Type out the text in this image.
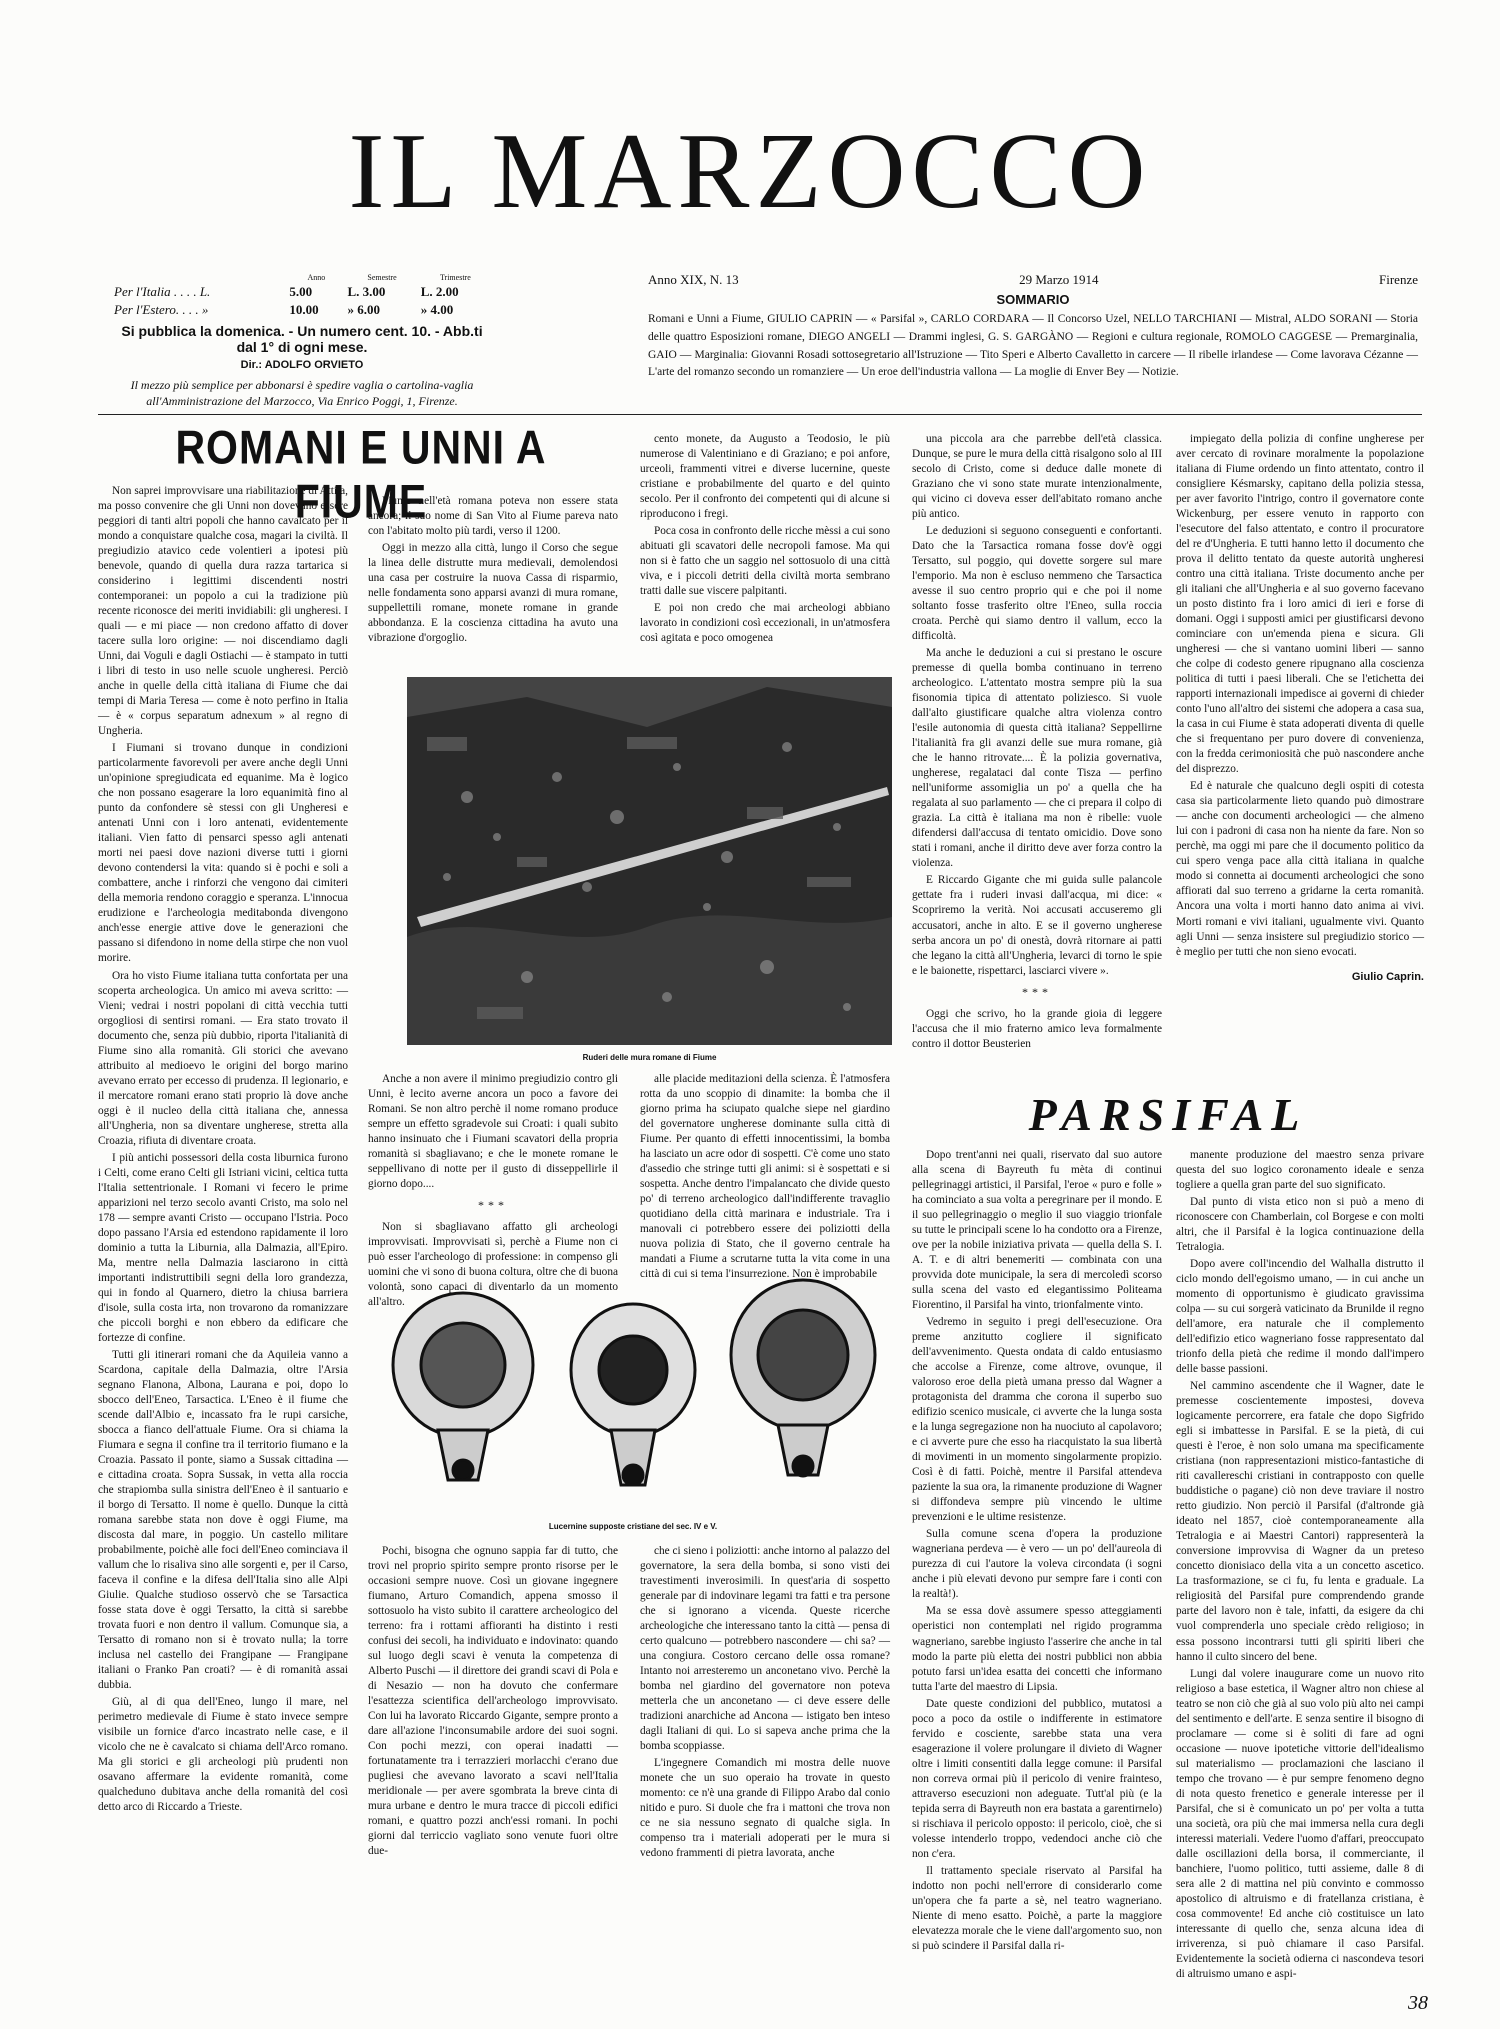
IL MARZOCCO
	Anno	Semestre	Trimestre
Per l'Italia . . . . L.	5.00	L. 3.00	L. 2.00
Per l'Estero. . . . »	10.00	» 6.00	» 4.00
Si pubblica la domenica. - Un numero cent. 10. - Abb.ti dal 1° di ogni mese.
Dir.: ADOLFO ORVIETO
Il mezzo più semplice per abbonarsi è spedire vaglia o cartolina-vaglia all'Amministrazione del Marzocco, Via Enrico Poggi, 1, Firenze.
Anno XIX, N. 13	29 Marzo 1914	Firenze
SOMMARIO
Romani e Unni a Fiume, GIULIO CAPRIN — « Parsifal », CARLO CORDARA — Il Concorso Uzel, NELLO TARCHIANI — Mistral, ALDO SORANI — Storia delle quattro Esposizioni romane, DIEGO ANGELI — Drammi inglesi, G. S. GARGÀNO — Regioni e cultura regionale, ROMOLO CAGGESE — Premarginalia, GAIO — Marginalia: Giovanni Rosadi sottosegretario all'Istruzione — Tito Speri e Alberto Cavalletto in carcere — Il ribelle irlandese — Come lavorava Cézanne — L'arte del romanzo secondo un romanziere — Un eroe dell'industria vallona — La moglie di Enver Bey — Notizie.
ROMANI E UNNI A FIUME

Non saprei improvvisare una riabilitazione di Attila, ma posso convenire che gli Unni non dovevano essere peggiori di tanti altri popoli che hanno cavalcato per il mondo a conquistare qualche cosa, magari la civiltà. Il pregiudizio atavico cede volentieri a ipotesi più benevole, quando di quella dura razza tartarica si considerino i legittimi discendenti nostri contemporanei: un popolo a cui la tradizione più recente riconosce dei meriti invidiabili: gli ungheresi. I quali — e mi piace — non credono affatto di dover tacere sulla loro origine: — noi discendiamo dagli Unni, dai Voguli e dagli Ostiachi — è stampato in tutti i libri di testo in uso nelle scuole ungheresi. Perciò anche in quelle della città italiana di Fiume che dai tempi di Maria Teresa — come è noto perfino in Italia — è « corpus separatum adnexum » al regno di Ungheria.

I Fiumani si trovano dunque in condizioni particolarmente favorevoli per avere anche degli Unni un'opinione spregiudicata ed equanime. Ma è logico che non possano esagerare la loro equanimità fino al punto da confondere sè stessi con gli Ungheresi e antenati Unni con i loro antenati, evidentemente italiani. Vien fatto di pensarci spesso agli antenati morti nei paesi dove nazioni diverse tutti i giorni devono contendersi la vita: quando si è pochi e soli a combattere, anche i rinforzi che vengono dai cimiteri della memoria rendono coraggio e speranza. L'innocua erudizione e l'archeologia meditabonda divengono anch'esse energie attive dove le generazioni che passano si difendono in nome della stirpe che non vuol morire.

Ora ho visto Fiume italiana tutta confortata per una scoperta archeologica. Un amico mi aveva scritto: — Vieni; vedrai i nostri popolani di città vecchia tutti orgogliosi di sentirsi romani. — Era stato trovato il documento che, senza più dubbio, riporta l'italianità di Fiume sino alla romanità. Gli storici che avevano attribuito al medioevo le origini del borgo marino avevano errato per eccesso di prudenza. Il legionario, e il mercatore romani erano stati proprio là dove anche oggi è il nucleo della città italiana che, annessa all'Ungheria, non sa diventare ungherese, stretta alla Croazia, rifiuta di diventare croata.

I più antichi possessori della costa liburnica furono i Celti, come erano Celti gli Istriani vicini, celtica tutta l'Italia settentrionale. I Romani vi fecero le prime apparizioni nel terzo secolo avanti Cristo, ma solo nel 178 — sempre avanti Cristo — occupano l'Istria. Poco dopo passano l'Arsia ed estendono rapidamente il loro dominio a tutta la Liburnia, alla Dalmazia, all'Epiro. Ma, mentre nella Dalmazia lasciarono in città importanti indistruttibili segni della loro grandezza, qui in fondo al Quarnero, dietro la chiusa barriera d'isole, sulla costa irta, non trovarono da romanizzare che piccoli borghi e non ebbero da edificare che fortezze di confine.

Tutti gli itinerari romani che da Aquileia vanno a Scardona, capitale della Dalmazia, oltre l'Arsia segnano Flanona, Albona, Laurana e poi, dopo lo sbocco dell'Eneo, Tarsactica. L'Eneo è il fiume che scende dall'Albio e, incassato fra le rupi carsiche, sbocca a fianco dell'attuale Fiume. Ora si chiama la Fiumara e segna il confine tra il territorio fiumano e la Croazia. Passato il ponte, siamo a Sussak cittadina — e cittadina croata. Sopra Sussak, in vetta alla roccia che strapiomba sulla sinistra dell'Eneo è il santuario e il borgo di Tersatto. Il nome è quello. Dunque la città romana sarebbe stata non dove è oggi Fiume, ma discosta dal mare, in poggio. Un castello militare probabilmente, poichè alle foci dell'Eneo cominciava il vallum che lo risaliva sino alle sorgenti e, per il Carso, faceva il confine e la difesa dell'Italia sino alle Alpi Giulie. Qualche studioso osservò che se Tarsactica fosse stata dove è oggi Tersatto, la città si sarebbe trovata fuori e non dentro il vallum. Comunque sia, a Tersatto di romano non si è trovato nulla; la torre inclusa nel castello dei Frangipane — Frangipane italiani o Franko Pan croati? — è di romanità assai dubbia.

Giù, al di qua dell'Eneo, lungo il mare, nel perimetro medievale di Fiume è stato invece sempre visibile un fornice d'arco incastrato nelle case, e il vicolo che ne è cavalcato si chiama dell'Arco romano. Ma gli storici e gli archeologi più prudenti non osavano affermare la evidente romanità, come qualcheduno dubitava anche della romanità del così detto arco di Riccardo a Trieste.

Fiume nell'età romana poteva non essere stata ancora; il suo nome di San Vito al Fiume parevа nato con l'abitato molto più tardi, verso il 1200.

Oggi in mezzo alla città, lungo il Corso che segue la linea delle distrutte mura medievali, demolendosi una casa per costruire la nuova Cassa di risparmio, nelle fondamenta sono apparsi avanzi di mura romane, suppellettili romane, monete romane in grande abbondanza. E la coscienza cittadina ha avuto una vibrazione d'orgoglio.

cento monete, da Augusto a Teodosio, le più numerose di Valentiniano e di Graziano; e poi anfore, urceoli, frammenti vitrei e diverse lucernine, queste cristiane e probabilmente del quarto e del quinto secolo. Per il confronto dei competenti qui di alcune si riproducono i fregi.

Poca cosa in confronto delle ricche mèssi a cui sono abituati gli scavatori delle necropoli famose. Ma qui non si è fatto che un saggio nel sottosuolo di una città viva, e i piccoli detriti della civiltà morta sembrano tratti dalle sue viscere palpitanti.

E poi non credo che mai archeologi abbiano lavorato in condizioni così eccezionali, in un'atmosfera così agitata e poco omogenea

Ruderi delle mura romane di Fiume

una piccola ara che parrebbe dell'età classica. Dunque, se pure le mura della città risalgono solo al III secolo di Cristo, come si deduce dalle monete di Graziano che vi sono state murate intenzionalmente, qui vicino ci doveva esser dell'abitato romano anche più antico.

Le deduzioni si seguono conseguenti e confortanti. Dato che la Tarsactica romana fosse dov'è oggi Tersatto, sul poggio, qui dovette sorgere sul mare l'emporio. Ma non è escluso nemmeno che Tarsactica avesse il suo centro proprio qui e che poi il nome soltanto fosse trasferito oltre l'Eneo, sulla roccia croata. Perchè qui siamo dentro il vallum, ecco la difficoltà.

Ma anche le deduzioni a cui si prestano le oscure premesse di quella bomba continuano in terreno archeologico. L'attentato mostra sempre più la sua fisonomia tipica di attentato poliziesco. Si vuole dall'alto giustificare qualche altra violenza contro l'esile autonomia di questa città italiana? Seppellirne l'italianità fra gli avanzi delle sue mura romane, già che le hanno ritrovate.... È la polizia governativa, ungherese, regalataci dal conte Tisza — perfino nell'uniforme assomiglia un po' a quella che ha regalata al suo parlamento — che ci prepara il colpo di grazia. La città è italiana ma non è ribelle: vuole difendersi dall'accusa di tentato omicidio. Dove sono stati i romani, anche il diritto deve aver forza contro la violenza.

E Riccardo Gigante che mi guida sulle palancole gettate fra i ruderi invasi dall'acqua, mi dice: « Scopriremo la verità. Noi accusati accuseremo gli accusatori, anche in alto. E se il governo ungherese serba ancora un po' di onestà, dovrà ritornare ai patti che legano la città all'Ungheria, levarci di torno le spie e le baionette, rispettarci, lasciarci vivere ».

***

Oggi che scrivo, ho la grande gioia di leggere l'accusa che il mio fraterno amico leva formalmente contro il dottor Beusterien

impiegato della polizia di confine ungherese per aver cercato di rovinare moralmente la popolazione italiana di Fiume ordendo un finto attentato, contro il consigliere Késmarsky, capitano della polizia stessa, per aver favorito l'intrigo, contro il governatore conte Wickenburg, per essere venuto in rapporto con l'esecutore del falso attentato, e contro il procuratore del re d'Ungheria. E tutti hanno letto il documento che prova il delitto tentato da queste autorità ungheresi contro una città italiana. Triste documento anche per gli italiani che all'Ungheria e al suo governo facevano un posto distinto fra i loro amici di ieri e forse di domani. Oggi i supposti amici per giustificarsi devono cominciare con un'emenda piena e sicura. Gli ungheresi — che si vantano uomini liberi — sanno che colpe di codesto genere ripugnano alla coscienza politica di tutti i paesi liberali. Che se l'etichetta dei rapporti internazionali impedisce ai governi di chieder conto l'uno all'altro dei sistemi che adopera a casa sua, la casa in cui Fiume è stata adoperati diventa di quelle che si frequentano per puro dovere di convenienza, con la fredda cerimoniosità che può nascondere anche del disprezzo.

Ed è naturale che qualcuno degli ospiti di cotesta casa sia particolarmente lieto quando può dimostrare — anche con documenti archeologici — che almeno lui con i padroni di casa non ha niente da fare. Non so perchè, ma oggi mi pare che il documento politico da cui spero venga pace alla città italiana in qualche modo si connetta ai documenti archeologici che sono affiorati dal suo terreno a gridarne la certa romanità. Ancora una volta i morti hanno dato anima ai vivi. Morti romani e vivi italiani, ugualmente vivi. Quanto agli Unni — senza insistere sul pregiudizio storico — è meglio per tutti che non sieno evocati.

Giulio Caprin.

Anche a non avere il minimo pregiudizio contro gli Unni, è lecito averne ancora un poco a favore dei Romani. Se non altro perchè il nome romano produce sempre un effetto sgradevole sui Croati: i quali subito hanno insinuato che i Fiumani scavatori della propria romanità si sbagliavano; e che le monete romane le seppellivano di notte per il gusto di disseppellirle il giorno dopo....

***

Non si sbagliavano affatto gli archeologi improvvisati. Improvvisati sì, perchè a Fiume non ci può esser l'archeologo di professione: in compenso gli uomini che vi sono di buona coltura, oltre che di buona volontà, sono capaci di diventarlo da un momento all'altro.

alle placide meditazioni della scienza. È l'atmosfera rotta da uno scoppio di dinamite: la bomba che il giorno prima ha sciupato qualche siepe nel giardino del governatore ungherese dominante sulla città di Fiume. Per quanto di effetti innocentissimi, la bomba ha lasciato un acre odor di sospetti. C'è come uno stato d'assedio che stringe tutti gli animi: si è sospettati e si sospetta. Anche dentro l'impalancato che divide questo po' di terreno archeologico dall'indifferente travaglio quotidiano della città marinara e industriale. Tra i manovali ci potrebbero essere dei poliziotti della nuova polizia di Stato, che il governo centrale ha mandati a Fiume a scrutarne tutta la vita come in una città di cui si tema l'insurrezione. Non è improbabile

Lucernine supposte cristiane del sec. IV e V.

Pochi, bisogna che ognuno sappia far di tutto, che trovi nel proprio spirito sempre pronto risorse per le occasioni sempre nuove. Così un giovane ingegnere fiumano, Arturo Comandich, appena smosso il sottosuolo ha visto subito il carattere archeologico del terreno: fra i rottami affioranti ha distinto i resti confusi dei secoli, ha individuato e indovinato: quando sul luogo degli scavi è venuta la competenza di Alberto Puschi — il direttore dei grandi scavi di Pola e di Nesazio — non ha dovuto che confermare l'esattezza scientifica dell'archeologo improvvisato. Con lui ha lavorato Riccardo Gigante, sempre pronto a dare all'azione l'inconsumabile ardore dei suoi sogni. Con pochi mezzi, con operai inadatti — fortunatamente tra i terrazzieri morlacchi c'erano due pugliesi che avevano lavorato a scavi nell'Italia meridionale — per avere sgombrata la breve cinta di mura urbane e dentro le mura tracce di piccoli edifici romani, e quattro pozzi anch'essi romani. In pochi giorni dal terriccio vagliato sono venute fuori oltre due-

che ci sieno i poliziotti: anche intorno al palazzo del governatore, la sera della bomba, si sono visti dei travestimenti inverosimili. In quest'aria di sospetto generale par di indovinare legami tra fatti e tra persone che si ignorano a vicenda. Queste ricerche archeologiche che interessano tanto la città — pensa di certo qualcuno — potrebbero nascondere — chi sa? — una congiura. Costoro cercano delle ossa romane? Intanto noi arresteremo un anconetano vivo. Perchè la bomba nel giardino del governatore non poteva metterla che un anconetano — ci deve essere delle tradizioni anarchiche ad Ancona — istigato ben inteso dagli Italiani di qui. Lo si sapeva anche prima che la bomba scoppiasse.

L'ingegnere Comandich mi mostra delle nuove monete che un suo operaio ha trovate in questo momento: ce n'è una grande di Filippo Arabo dal conio nitido e puro. Si duole che fra i mattoni che trova non ce ne sia nessuno segnato di qualche sigla. In compenso tra i materiali adoperati per le mura si vedono frammenti di pietra lavorata, anche

PARSIFAL

Dopo trent'anni nei quali, riservato dal suo autore alla scena di Bayreuth fu mèta di continui pellegrinaggi artistici, il Parsifal, l'eroe « puro e folle » ha cominciato a sua volta a peregrinare per il mondo. E il suo pellegrinaggio o meglio il suo viaggio trionfale su tutte le principali scene lo ha condotto ora a Firenze, ove per la nobile iniziativa privata — quella della S. I. A. T. e di altri benemeriti — combinata con una provvida dote municipale, la sera di mercoledì scorso sulla scena del vasto ed elegantissimo Politeama Fiorentino, il Parsifal ha vinto, trionfalmente vinto.

Vedremo in seguito i pregi dell'esecuzione. Ora preme anzitutto cogliere il significato dell'avvenimento. Questa ondata di caldo entusiasmo che accolse a Firenze, come altrove, ovunque, il valoroso eroe della pietà umana presso dal Wagner a protagonista del dramma che corona il superbo suo edifizio scenico musicale, ci avverte che la lunga sosta e la lunga segregazione non ha nuociuto al capolavoro; e ci avverte pure che esso ha riacquistato la sua libertà di movimenti in un momento singolarmente propizio. Così è di fatti. Poichè, mentre il Parsifal attendeva paziente la sua ora, la rimanente produzione di Wagner si diffondeva sempre più vincendo le ultime prevenzioni e le ultime resistenze.

Sulla comune scena d'opera la produzione wagneriana perdeva — è vero — un po' dell'aureola di purezza di cui l'autore la voleva circondata (i sogni anche i più elevati devono pur sempre fare i conti con la realtà!).

Ma se essa dovè assumere spesso atteggiamenti operistici non contemplati nel rigido programma wagneriano, sarebbe ingiusto l'asserire che anche in tal modo la parte più eletta dei nostri pubblici non abbia potuto farsi un'idea esatta dei concetti che informano tutta l'arte del maestro di Lipsia.

Date queste condizioni del pubblico, mutatosi a poco a poco da ostile o indifferente in estimatore fervido e cosciente, sarebbe stata una vera esagerazione il volere prolungare il divieto di Wagner oltre i limiti consentiti dalla legge comune: il Parsifal non correva ormai più il pericolo di venire frainteso, attraverso esecuzioni non adeguate. Tutt'al più (e la tepida serra di Bayreuth non era bastata a garentirnelo) si rischiava il pericolo opposto: il pericolo, cioè, che si volesse intenderlo troppo, vedendoci anche ciò che non c'era.

Il trattamento speciale riservato al Parsifal ha indotto non pochi nell'errore di considerarlo come un'opera che fa parte a sè, nel teatro wagneriano. Niente di meno esatto. Poichè, a parte la maggiore elevatezza morale che le viene dall'argomento suo, non si può scindere il Parsifal dalla ri-

manente produzione del maestro senza privare questa del suo logico coronamento ideale e senza togliere a quella gran parte del suo significato.

Dal punto di vista etico non si può a meno di riconoscere con Chamberlain, col Borgese e con molti altri, che il Parsifal è la logica continuazione della Tetralogia.

Dopo avere coll'incendio del Walhalla distrutto il ciclo mondo dell'egoismo umano, — in cui anche un momento di opportunismo è giudicato gravissima colpa — su cui sorgerà vaticinato da Brunilde il regno dell'amore, era naturale che il complemento dell'edifizio etico wagneriano fosse rappresentato dal trionfo della pietà che redime il mondo dall'impero delle basse passioni.

Nel cammino ascendente che il Wagner, date le premesse coscientemente impostesi, doveva logicamente percorrere, era fatale che dopo Sigfrido egli si imbattesse in Parsifal. E se la pietà, di cui questi è l'eroe, è non solo umana ma specificamente cristiana (non rappresentazioni mistico-fantastiche di riti cavallereschi cristiani in contrapposto con quelle buddistiche o pagane) ciò non deve traviare il nostro retto giudizio. Non perciò il Parsifal (d'altronde già ideato nel 1857, cioè contemporaneamente alla Tetralogia e ai Maestri Cantori) rappresenterà la conversione improvvisa di Wagner da un preteso concetto dionisiaco della vita a un concetto ascetico. La trasformazione, se ci fu, fu lenta e graduale. La religiosità del Parsifal pure comprendendo grande parte del lavoro non è tale, infatti, da esigere da chi vuol comprenderla uno speciale crèdo religioso; in essa possono incontrarsi tutti gli spiriti liberi che hanno il culto sincero del bene.

Lungi dal volere inaugurare come un nuovo rito religioso a base estetica, il Wagner altro non chiese al teatro se non ciò che già al suo volo più alto nei campi del sentimento e dell'arte. E senza sentire il bisogno di proclamare — come si è soliti di fare ad ogni occasione — nuove ipotetiche vittorie dell'idealismo sul materialismo — proclamazioni che lasciano il tempo che trovano — è pur sempre fenomeno degno di nota questo frenetico e generale interesse per il Parsifal, che si è comunicato un po' per volta a tutta una società, ora più che mai immersa nella cura degli interessi materiali. Vedere l'uomo d'affari, preoccupato dalle oscillazioni della borsa, il commerciante, il banchiere, l'uomo politico, tutti assieme, dalle 8 di sera alle 2 di mattina nel più convinto e commosso apostolico di altruismo e di fratellanza cristiana, è cosa commovente! Ed anche ciò costituisce un lato interessante di quello che, senza alcuna idea di irriverenza, si può chiamare il caso Parsifal. Evidentemente la società odierna ci nascondeva tesori di altruismo umano e aspi-

38
